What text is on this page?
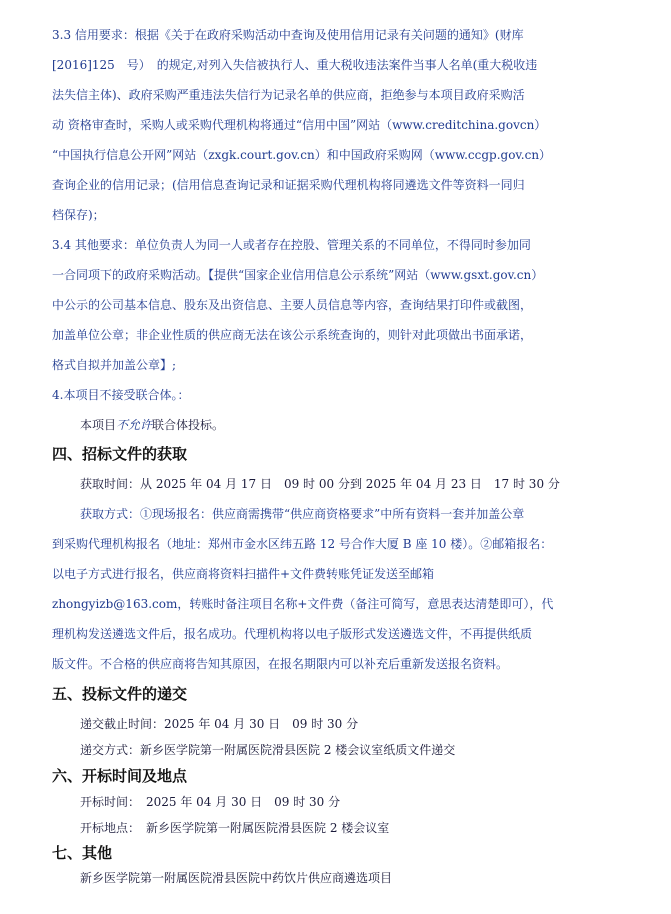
3.3 信用要求：根据《关于在政府采购活动中查询及使用信用记录有关问题的通知》(财库
[2016]125　号）　的规定,对列入失信被执行人、重大税收违法案件当事人名单(重大税收违
法失信主体)、政府采购严重违法失信行为记录名单的供应商，拒绝参与本项目政府采购活
动 资格审查时，采购人或采购代理机构将通过“信用中国”网站（www.creditchina.govcn）
“中国执行信息公开网”网站（zxgk.court.gov.cn）和中国政府采购网（www.ccgp.gov.cn）
查询企业的信用记录；(信用信息查询记录和证据采购代理机构将同遴选文件等资料一同归
档保存)；
3.4 其他要求：单位负责人为同一人或者存在控股、管理关系的不同单位，不得同时参加同
一合同项下的政府采购活动。【提供“国家企业信用信息公示系统”网站（www.gsxt.gov.cn）
中公示的公司基本信息、股东及出资信息、主要人员信息等内容，查询结果打印件或截图，
加盖单位公章；非企业性质的供应商无法在该公示系统查询的，则针对此项做出书面承诺，
格式自拟并加盖公章】;
4.本项目不接受联合体。：
本项目不允许联合体投标。
四、招标文件的获取
获取时间：从 2025 年 04 月 17 日　09 时 00 分到 2025 年 04 月 23 日　17 时 30 分
获取方式：①现场报名：供应商需携带“供应商资格要求”中所有资料一套并加盖公章
到采购代理机构报名（地址：郑州市金水区纬五路 12 号合作大厦 B 座 10 楼）。②邮箱报名：
以电子方式进行报名，供应商将资料扫描件+文件费转账凭证发送至邮箱
zhongyizb@163.com，转账时备注项目名称+文件费（备注可简写，意思表达清楚即可），代
理机构发送遴选文件后，报名成功。代理机构将以电子版形式发送遴选文件，不再提供纸质
版文件。不合格的供应商将告知其原因，在报名期限内可以补充后重新发送报名资料。
五、投标文件的递交
递交截止时间：2025 年 04 月 30 日　09 时 30 分
递交方式：新乡医学院第一附属医院滑县医院 2 楼会议室纸质文件递交
六、开标时间及地点
开标时间：　2025 年 04 月 30 日　09 时 30 分
开标地点：　新乡医学院第一附属医院滑县医院 2 楼会议室
七、其他
新乡医学院第一附属医院滑县医院中药饮片供应商遴选项目
